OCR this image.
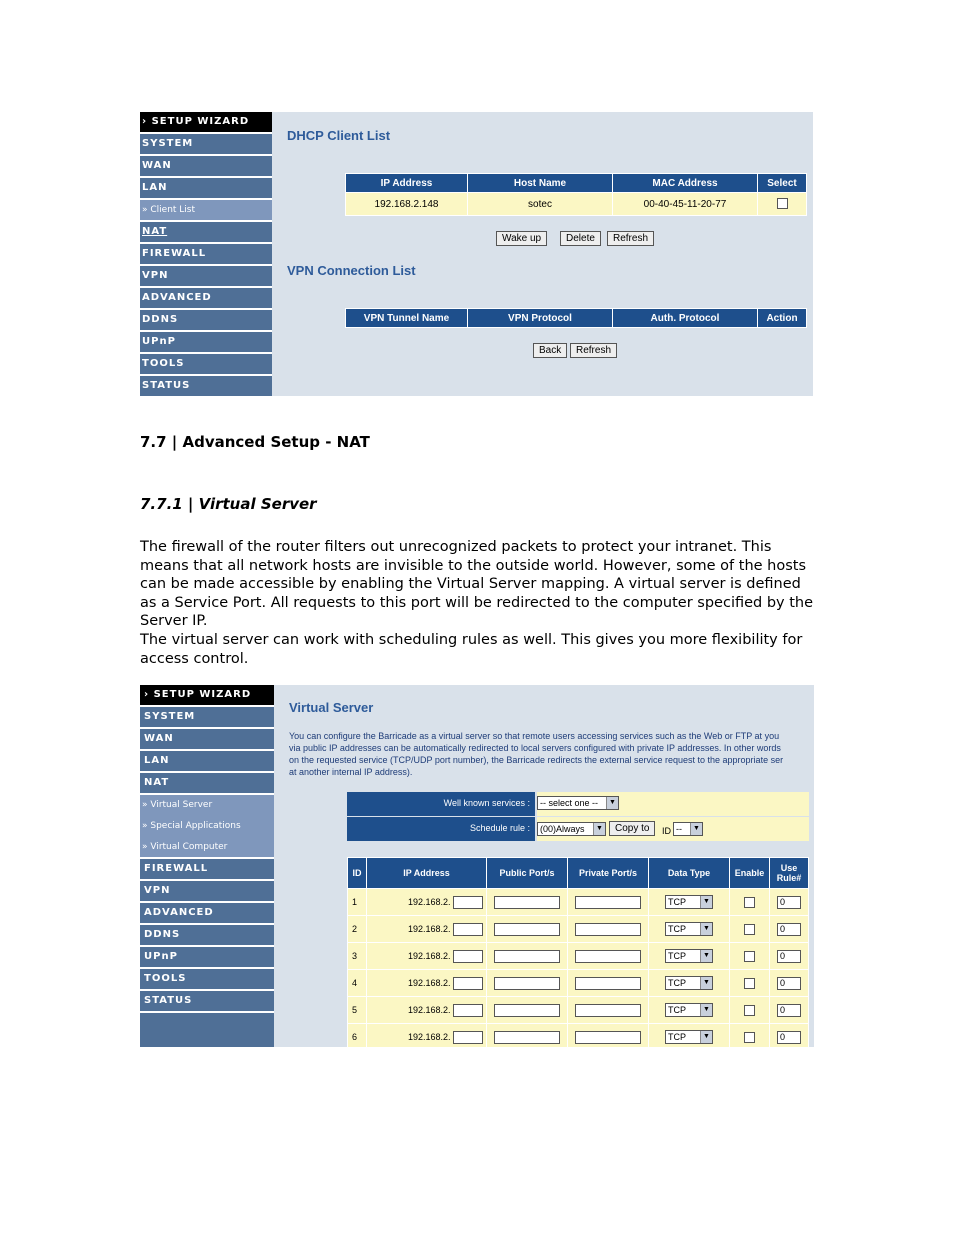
› SETUP WIZARD
SYSTEM
WAN
LAN
» Client List
NAT
FIREWALL
VPN
ADVANCED
DDNS
UPnP
TOOLS
STATUS
DHCP Client List
IP Address	Host Name	MAC Address	Select
192.168.2.148	sotec	00-40-45-11-20-77	
Wake up	Delete	Refresh
VPN Connection List
VPN Tunnel Name	VPN Protocol	Auth. Protocol	Action
Back	Refresh
7.7 | Advanced Setup - NAT
7.7.1 | Virtual Server

The firewall of the router filters out unrecognized packets to protect your intranet. This means that all network hosts are invisible to the outside world. However, some of the hosts can be made accessible by enabling the Virtual Server mapping. A virtual server is defined as a Service Port. All requests to this port will be redirected to the computer specified by the Server IP.

The virtual server can work with scheduling rules as well. This gives you more flexibility for access control.

› SETUP WIZARD
SYSTEM
WAN
LAN
NAT
» Virtual Server
» Special Applications
» Virtual Computer
FIREWALL
VPN
ADVANCED
DDNS
UPnP
TOOLS
STATUS
Virtual Server
You can configure the Barricade as a virtual server so that remote users accessing services such as the Web or FTP at you
via public IP addresses can be automatically redirected to local servers configured with private IP addresses. In other words
on the requested service (TCP/UDP port number), the Barricade redirects the external service request to the appropriate ser
at another internal IP address).
Well known services :	-- select one --	▼
Schedule rule :	(00)Always	▼	Copy to	ID --	▼
ID	IP Address	Public Port/s	Private Port/s	Data Type	Enable	Use Rule#
1	192.168.2.			TCP ▼		0
2	192.168.2.			TCP ▼		0
3	192.168.2.			TCP ▼		0
4	192.168.2.			TCP ▼		0
5	192.168.2.			TCP ▼		0
6	192.168.2.			TCP ▼		0
